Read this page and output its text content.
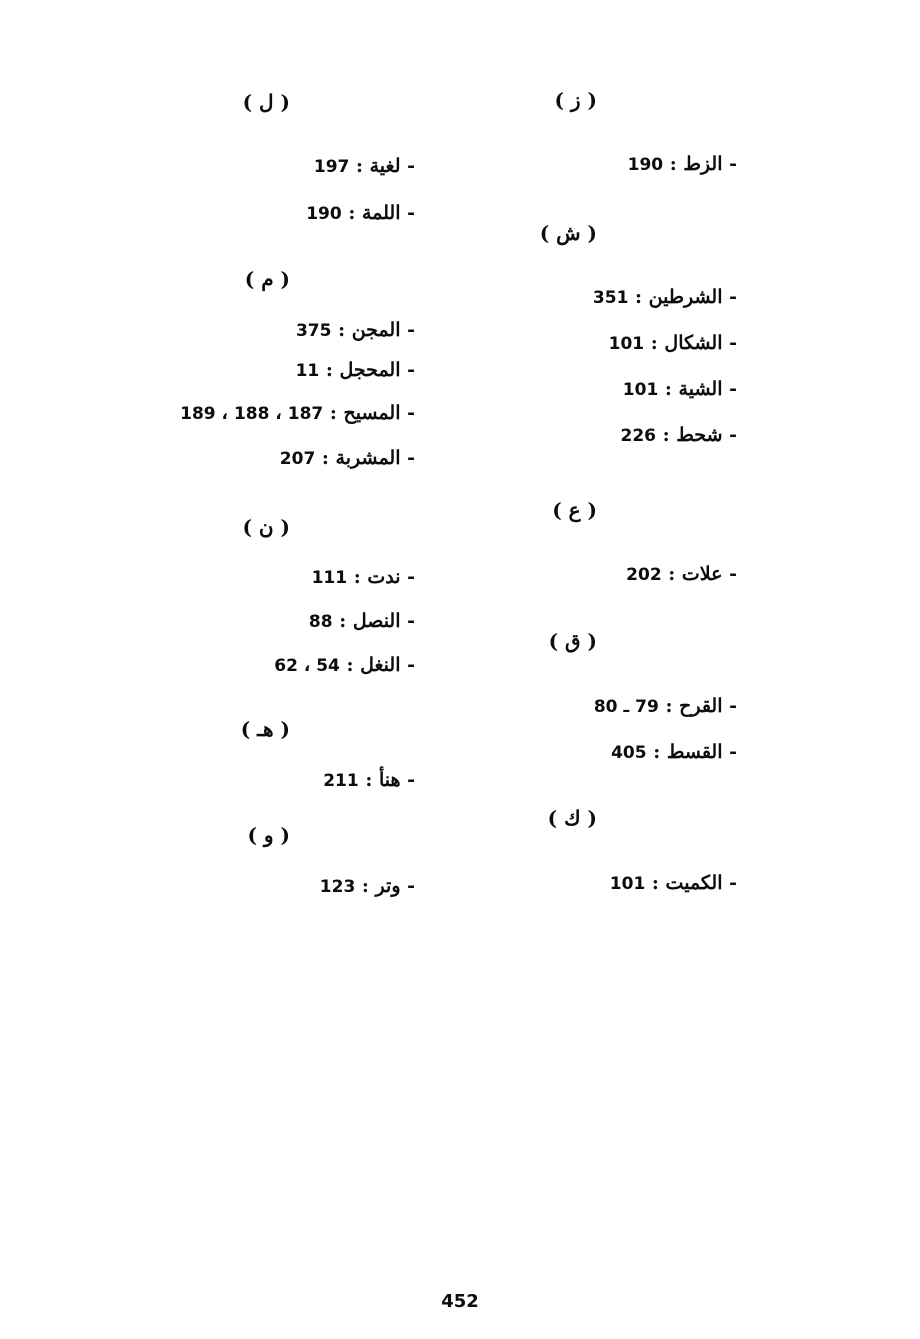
( ز )
- الزط : 190
( ش )
- الشرطين : 351
- الشكال : 101
- الشية : 101
- شحط : 226
( ع )
- علات : 202
( ق )
- القرح : 79 ـ 80
- القسط : 405
( ك )
- الكميت : 101
( ل )
- لغية : 197
- اللمة : 190
( م )
- المجن : 375
- المحجل : 11
- المسيح : 187 ، 188 ، 189
- المشربة : 207
( ن )
- ندت : 111
- النصل : 88
- النغل : 54 ، 62
( هـ )
- هنأ : 211
( و )
- وتر : 123
452
